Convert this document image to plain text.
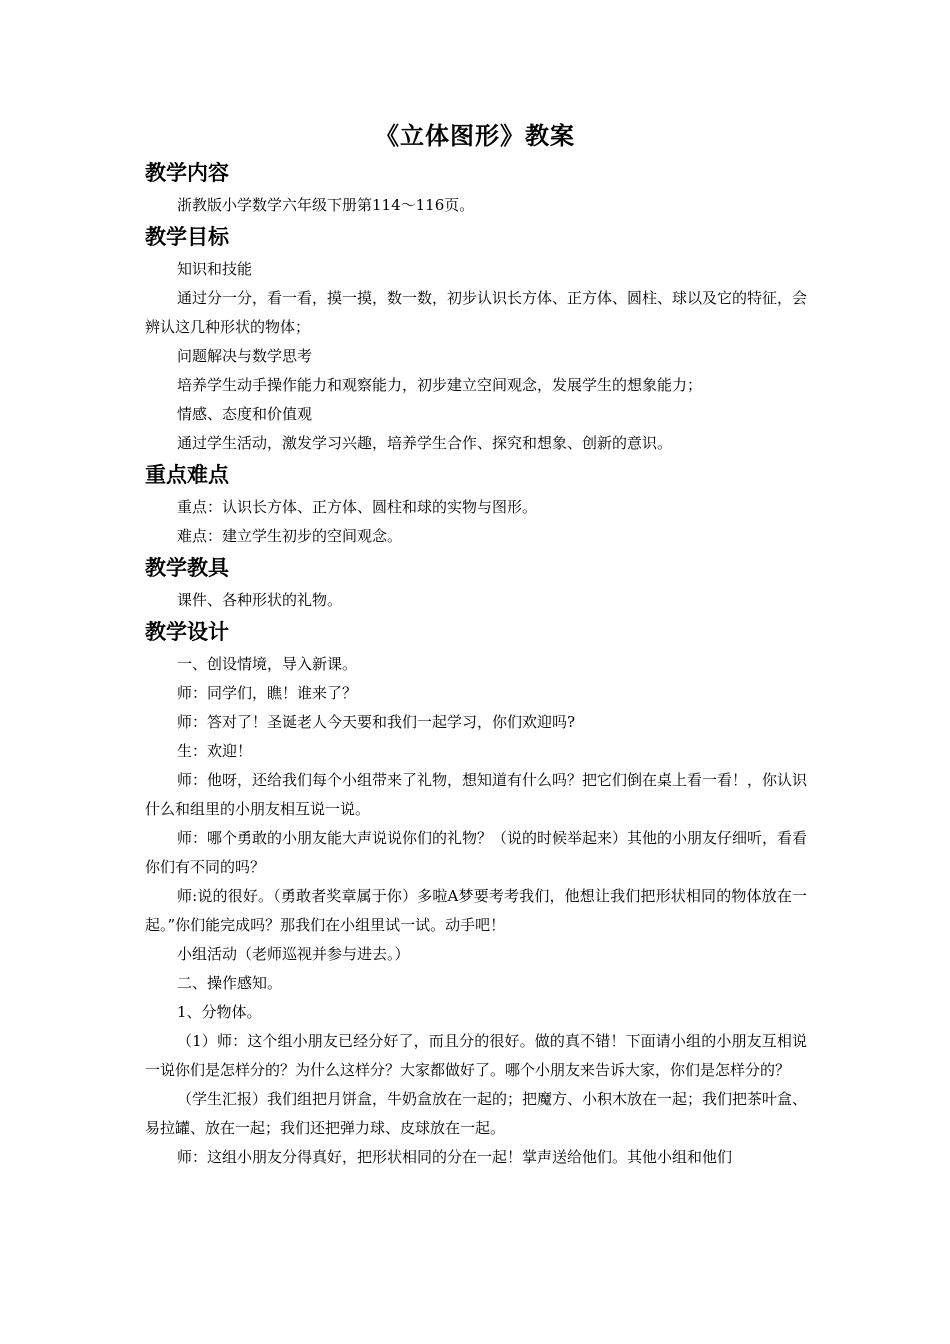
《立体图形》教案
教学内容

浙教版小学数学六年级下册第114～116页。

教学目标

知识和技能

通过分一分，看一看，摸一摸，数一数，初步认识长方体、正方体、圆柱、球以及它的特征，会辨认这几种形状的物体；

问题解决与数学思考

培养学生动手操作能力和观察能力，初步建立空间观念，发展学生的想象能力；

情感、态度和价值观

通过学生活动，激发学习兴趣，培养学生合作、探究和想象、创新的意识。

重点难点

重点：认识长方体、正方体、圆柱和球的实物与图形。

难点：建立学生初步的空间观念。

教学教具

课件、各种形状的礼物。

教学设计

一、创设情境，导入新课。

师：同学们，瞧！谁来了？

师：答对了！圣诞老人今天要和我们一起学习，你们欢迎吗?

生：欢迎！

师：他呀，还给我们每个小组带来了礼物，想知道有什么吗？把它们倒在桌上看一看！，你认识什么和组里的小朋友相互说一说。

师：哪个勇敢的小朋友能大声说说你们的礼物？（说的时候举起来）其他的小朋友仔细听，看看你们有不同的吗？

师:说的很好。（勇敢者奖章属于你）多啦A梦要考考我们，他想让我们把形状相同的物体放在一起。”你们能完成吗？那我们在小组里试一试。动手吧！

小组活动（老师巡视并参与进去。）

二、操作感知。

1、分物体。

（1）师：这个组小朋友已经分好了，而且分的很好。做的真不错！下面请小组的小朋友互相说一说你们是怎样分的？为什么这样分？大家都做好了。哪个小朋友来告诉大家，你们是怎样分的？

（学生汇报）我们组把月饼盒，牛奶盒放在一起的；把魔方、小积木放在一起；我们把茶叶盒、易拉罐、放在一起；我们还把弹力球、皮球放在一起。

师：这组小朋友分得真好，把形状相同的分在一起！掌声送给他们。其他小组和他们
